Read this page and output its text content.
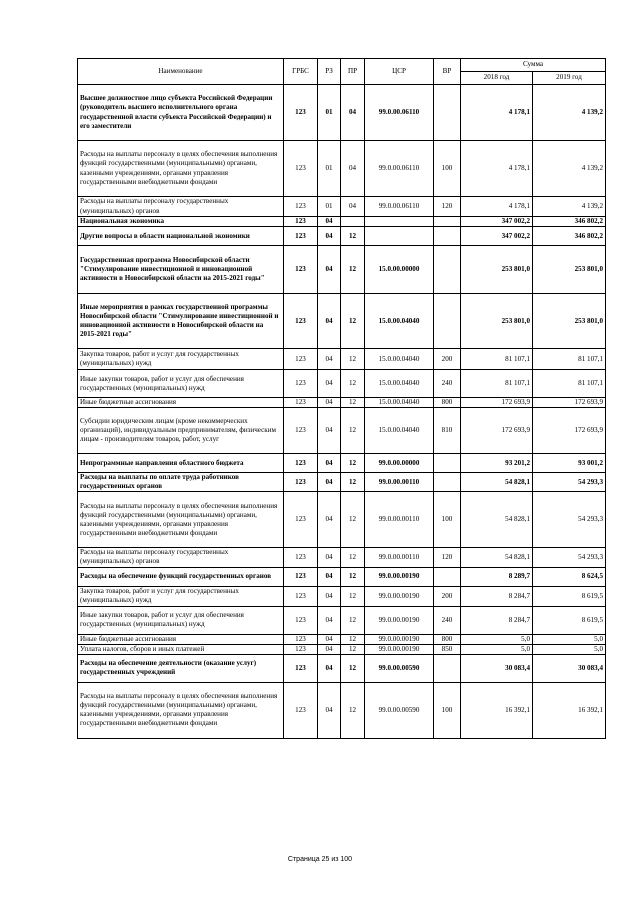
Наименование	ГРБС	РЗ	ПР	ЦСР	ВР	Сумма	
						2018 год	2019 год
Высшее должностное лицо субъекта Российской Федерации (руководитель высшего исполнительного органа государственной власти субъекта Российской Федерации) и его заместители	123	01	04	99.0.00.06110		4 178,1	4 139,2
Расходы на выплаты персоналу в целях обеспечения выполнения функций государственными (муниципальными) органами, казенными учреждениями, органами управления государственными внебюджетными фондами	123	01	04	99.0.00.06110	100	4 178,1	4 139,2
Расходы на выплаты персоналу государственных (муниципальных) органов	123	01	04	99.0.00.06110	120	4 178,1	4 139,2
Национальная экономика	123	04				347 002,2	346 802,2
Другие вопросы в области национальной экономики	123	04	12			347 002,2	346 802,2
Государственная программа Новосибирской области "Стимулирование инвестиционной и инновационной активности в Новосибирской области на 2015-2021 годы"	123	04	12	15.0.00.00000		253 801,0	253 801,0
Иные мероприятия в рамках государственной программы Новосибирской области "Стимулирование инвестиционной и инновационной активности в Новосибирской области на 2015-2021 годы"	123	04	12	15.0.00.04040		253 801,0	253 801,0
Закупка товаров, работ и услуг для государственных (муниципальных) нужд	123	04	12	15.0.00.04040	200	81 107,1	81 107,1
Иные закупки товаров, работ и услуг для обеспечения государственных (муниципальных) нужд	123	04	12	15.0.00.04040	240	81 107,1	81 107,1
Иные бюджетные ассигнования	123	04	12	15.0.00.04040	800	172 693,9	172 693,9
Субсидии юридическим лицам (кроме некоммерческих организаций), индивидуальным предпринимателям, физическим лицам - производителям товаров, работ, услуг	123	04	12	15.0.00.04040	810	172 693,9	172 693,9
Непрограммные направления областного бюджета	123	04	12	99.0.00.00000		93 201,2	93 001,2
Расходы на выплаты по оплате труда работников государственных органов	123	04	12	99.0.00.00110		54 828,1	54 293,3
Расходы на выплаты персоналу в целях обеспечения выполнения функций государственными (муниципальными) органами, казенными учреждениями, органами управления государственными внебюджетными фондами	123	04	12	99.0.00.00110	100	54 828,1	54 293,3
Расходы на выплаты персоналу государственных (муниципальных) органов	123	04	12	99.0.00.00110	120	54 828,1	54 293,3
Расходы на обеспечение функций государственных органов	123	04	12	99.0.00.00190		8 289,7	8 624,5
Закупка товаров, работ и услуг для государственных (муниципальных) нужд	123	04	12	99.0.00.00190	200	8 284,7	8 619,5
Иные закупки товаров, работ и услуг для обеспечения государственных (муниципальных) нужд	123	04	12	99.0.00.00190	240	8 284,7	8 619,5
Иные бюджетные ассигнования	123	04	12	99.0.00.00190	800	5,0	5,0
Уплата налогов, сборов и иных платежей	123	04	12	99.0.00.00190	850	5,0	5,0
Расходы на обеспечение деятельности (оказание услуг) государственных учреждений	123	04	12	99.0.00.00590		30 083,4	30 083,4
Расходы на выплаты персоналу в целях обеспечения выполнения функций государственными (муниципальными) органами, казенными учреждениями, органами управления государственными внебюджетными фондами	123	04	12	99.0.00.00590	100	16 392,1	16 392,1
Страница 25 из 100
